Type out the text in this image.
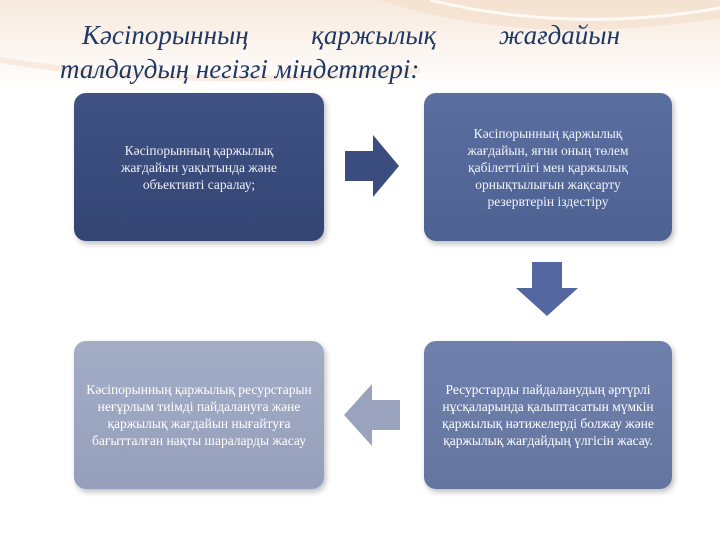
Кәсіпорынның қаржылық жағдайын
талдаудың негізгі міндеттері:
Кәсіпорынның қаржылық жағдайын уақытында және объективті саралау;
Кәсіпорынның қаржылық жағдайын, яғни оның төлем қабілеттілігі мен қаржылық орнықтылығын жақсарту резервтерін іздестіру
Кәсіпорынның қаржылық ресурстарын неғұрлым тиімді пайдалануға және қаржылық жағдайын нығайтуға бағытталған нақты шараларды жасау
Ресурстарды пайдаланудың әртүрлі нұсқаларында қалыптасатын мүмкін қаржылық нәтижелерді болжау және қаржылық жағдайдың үлгісін жасау.
